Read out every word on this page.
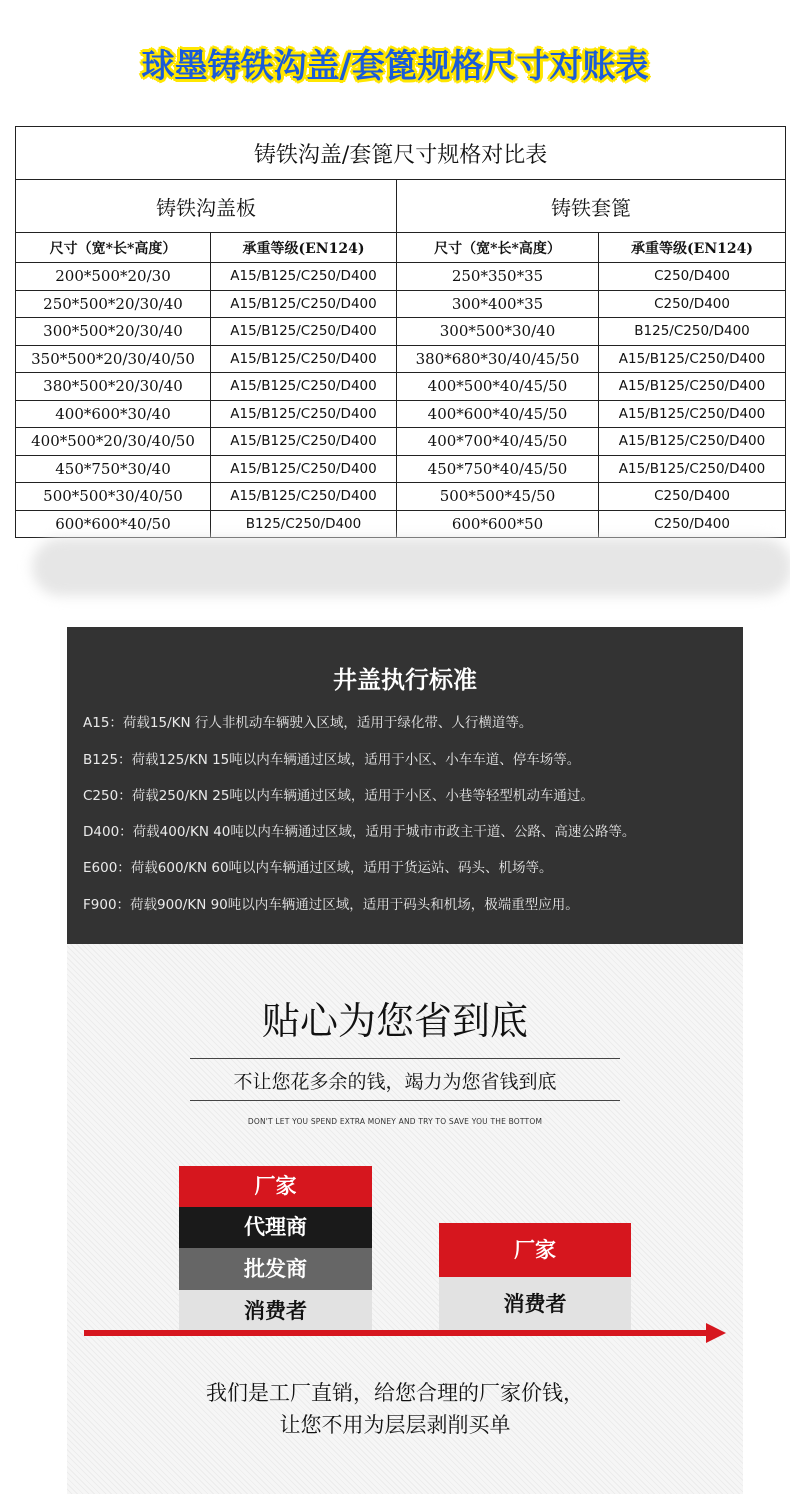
球墨铸铁沟盖/套篦规格尺寸对账表
铸铁沟盖/套篦尺寸规格对比表			
铸铁沟盖板		铸铁套篦	
尺寸（宽*长*高度）	承重等级(EN124)	尺寸（宽*长*高度）	承重等级(EN124)
200*500*20/30	A15/B125/C250/D400	250*350*35	C250/D400
250*500*20/30/40	A15/B125/C250/D400	300*400*35	C250/D400
300*500*20/30/40	A15/B125/C250/D400	300*500*30/40	B125/C250/D400
350*500*20/30/40/50	A15/B125/C250/D400	380*680*30/40/45/50	A15/B125/C250/D400
380*500*20/30/40	A15/B125/C250/D400	400*500*40/45/50	A15/B125/C250/D400
400*600*30/40	A15/B125/C250/D400	400*600*40/45/50	A15/B125/C250/D400
400*500*20/30/40/50	A15/B125/C250/D400	400*700*40/45/50	A15/B125/C250/D400
450*750*30/40	A15/B125/C250/D400	450*750*40/45/50	A15/B125/C250/D400
500*500*30/40/50	A15/B125/C250/D400	500*500*45/50	C250/D400
600*600*40/50	B125/C250/D400	600*600*50	C250/D400
井盖执行标准
A15：荷载15/KN 行人非机动车辆驶入区域，适用于绿化带、人行横道等。
B125：荷载125/KN 15吨以内车辆通过区域，适用于小区、小车车道、停车场等。
C250：荷载250/KN 25吨以内车辆通过区域，适用于小区、小巷等轻型机动车通过。
D400：荷载400/KN 40吨以内车辆通过区域，适用于城市市政主干道、公路、高速公路等。
E600：荷载600/KN 60吨以内车辆通过区域，适用于货运站、码头、机场等。
F900：荷载900/KN 90吨以内车辆通过区域，适用于码头和机场，极端重型应用。
贴心为您省到底
不让您花多余的钱，竭力为您省钱到底
DON'T LET YOU SPEND EXTRA MONEY AND TRY TO SAVE YOU THE BOTTOM
厂家
代理商
批发商
消费者
厂家
消费者
我们是工厂直销，给您合理的厂家价钱，
让您不用为层层剥削买单
